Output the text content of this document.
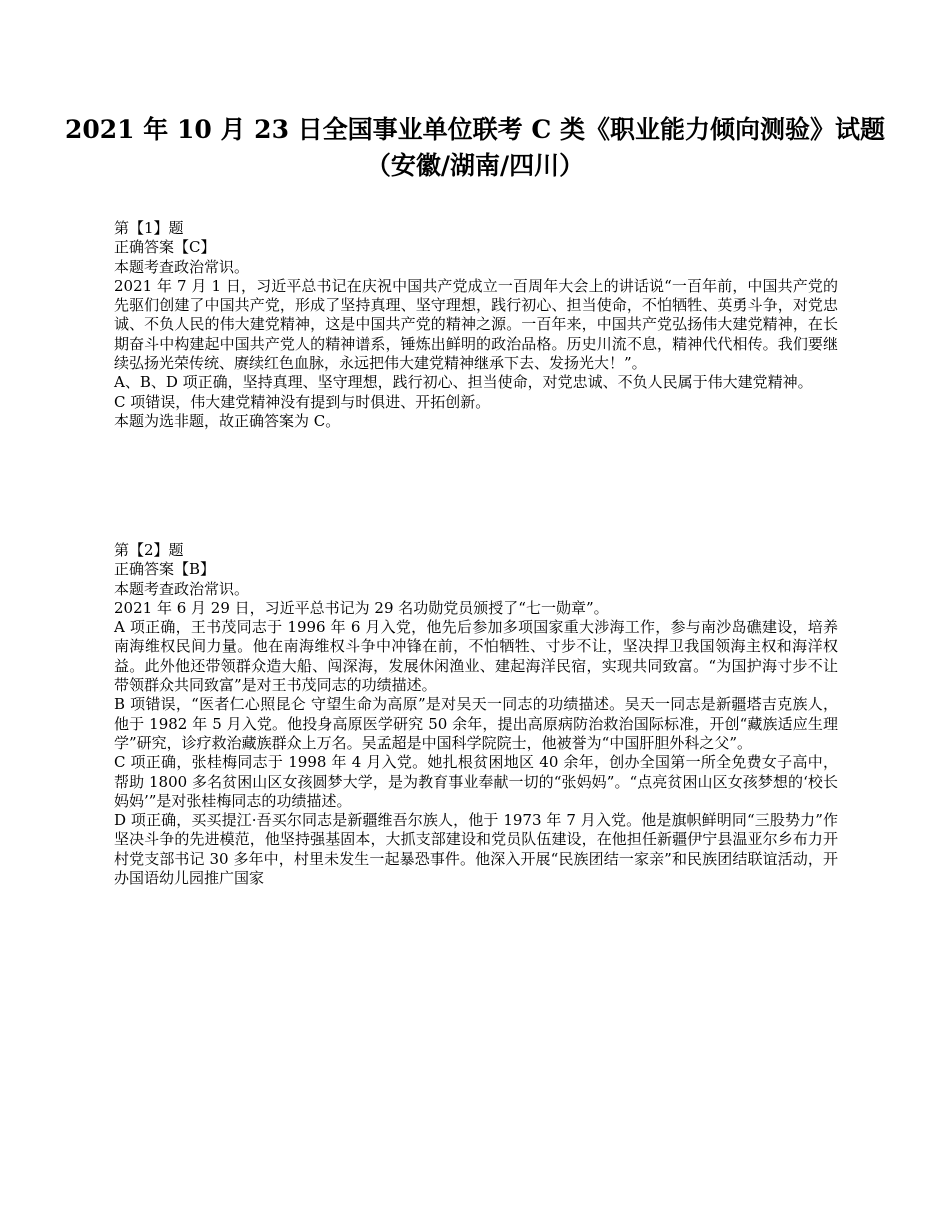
2021 年 10 月 23 日全国事业单位联考 C 类《职业能力倾向测验》试题（安徽/湖南/四川）

第【1】题

正确答案【C】

本题考查政治常识。

2021 年 7 月 1 日，习近平总书记在庆祝中国共产党成立一百周年大会上的讲话说“一百年前，中国共产党的先驱们创建了中国共产党，形成了坚持真理、坚守理想，践行初心、担当使命，不怕牺牲、英勇斗争，对党忠诚、不负人民的伟大建党精神，这是中国共产党的精神之源。一百年来，中国共产党弘扬伟大建党精神，在长期奋斗中构建起中国共产党人的精神谱系，锤炼出鲜明的政治品格。历史川流不息，精神代代相传。我们要继续弘扬光荣传统、赓续红色血脉，永远把伟大建党精神继承下去、发扬光大！”。

A、B、D 项正确，坚持真理、坚守理想，践行初心、担当使命，对党忠诚、不负人民属于伟大建党精神。

C 项错误，伟大建党精神没有提到与时俱进、开拓创新。

本题为选非题，故正确答案为 C。

第【2】题

正确答案【B】

本题考查政治常识。

2021 年 6 月 29 日，习近平总书记为 29 名功勋党员颁授了“七一勋章”。

A 项正确，王书茂同志于 1996 年 6 月入党，他先后参加多项国家重大涉海工作，参与南沙岛礁建设，培养南海维权民间力量。他在南海维权斗争中冲锋在前，不怕牺牲、寸步不让，坚决捍卫我国领海主权和海洋权益。此外他还带领群众造大船、闯深海，发展休闲渔业、建起海洋民宿，实现共同致富。“为国护海寸步不让 带领群众共同致富”是对王书茂同志的功绩描述。

B 项错误，“医者仁心照昆仑 守望生命为高原”是对吴天一同志的功绩描述。吴天一同志是新疆塔吉克族人，他于 1982 年 5 月入党。他投身高原医学研究 50 余年，提出高原病防治救治国际标准，开创“藏族适应生理学”研究，诊疗救治藏族群众上万名。吴孟超是中国科学院院士，他被誉为“中国肝胆外科之父”。

C 项正确，张桂梅同志于 1998 年 4 月入党。她扎根贫困地区 40 余年，创办全国第一所全免费女子高中，帮助 1800 多名贫困山区女孩圆梦大学，是为教育事业奉献一切的“张妈妈”。“点亮贫困山区女孩梦想的‘校长妈妈’”是对张桂梅同志的功绩描述。

D 项正确，买买提江·吾买尔同志是新疆维吾尔族人，他于 1973 年 7 月入党。他是旗帜鲜明同“三股势力”作坚决斗争的先进模范，他坚持强基固本，大抓支部建设和党员队伍建设，在他担任新疆伊宁县温亚尔乡布力开村党支部书记 30 多年中，村里未发生一起暴恐事件。他深入开展“民族团结一家亲”和民族团结联谊活动，开办国语幼儿园推广国家
